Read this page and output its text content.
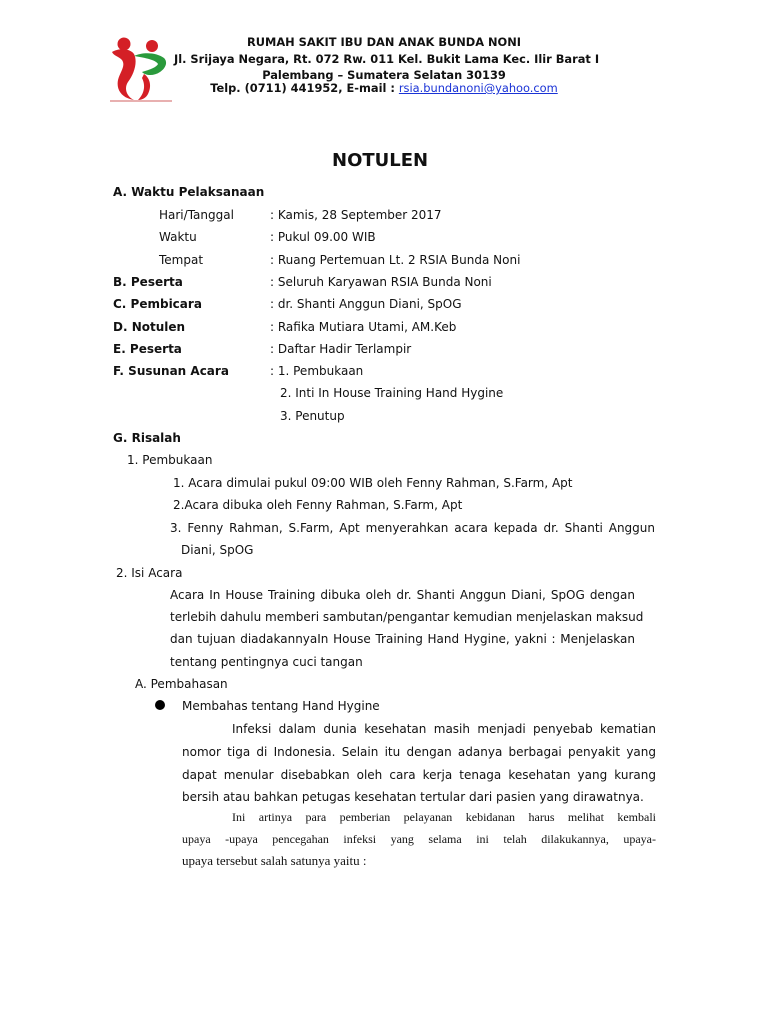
RUMAH SAKIT IBU DAN ANAK BUNDA NONI
Jl. Srijaya Negara, Rt. 072 Rw. 011 Kel. Bukit Lama Kec. Ilir Barat I
Palembang – Sumatera Selatan 30139
Telp. (0711) 441952, E-mail : rsia.bundanoni@yahoo.com
NOTULEN
A. Waktu Pelaksanaan
Hari/Tanggal	: Kamis, 28 September 2017
Waktu	: Pukul 09.00 WIB
Tempat	: Ruang Pertemuan Lt. 2 RSIA Bunda Noni
B. Peserta	: Seluruh Karyawan RSIA Bunda Noni
C. Pembicara	: dr. Shanti Anggun Diani, SpOG
D. Notulen	: Rafika Mutiara Utami, AM.Keb
E. Peserta	: Daftar Hadir Terlampir
F. Susunan Acara	: 1. Pembukaan
2. Inti In House Training Hand Hygine
3. Penutup
G. Risalah
1. Pembukaan
1. Acara dimulai pukul 09:00 WIB oleh Fenny Rahman, S.Farm, Apt
2.Acara dibuka oleh Fenny Rahman, S.Farm, Apt
3. Fenny Rahman, S.Farm, Apt menyerahkan acara kepada dr. Shanti Anggun
Diani, SpOG
2. Isi Acara
Acara In House Training dibuka oleh dr. Shanti Anggun Diani, SpOG dengan
terlebih dahulu memberi sambutan/pengantar kemudian menjelaskan maksud
dan tujuan diadakannyaIn House Training Hand Hygine, yakni : Menjelaskan
tentang pentingnya cuci tangan
A. Pembahasan
Membahas tentang Hand Hygine
Infeksi dalam dunia kesehatan masih menjadi penyebab kematian
nomor tiga di Indonesia. Selain itu dengan adanya berbagai penyakit yang
dapat menular disebabkan oleh cara kerja tenaga kesehatan yang kurang
bersih atau bahkan petugas kesehatan tertular dari pasien yang dirawatnya.
Ini artinya para pemberian pelayanan kebidanan harus melihat kembali
upaya -upaya pencegahan infeksi yang selama ini telah dilakukannya, upaya-
upaya tersebut salah satunya yaitu :
